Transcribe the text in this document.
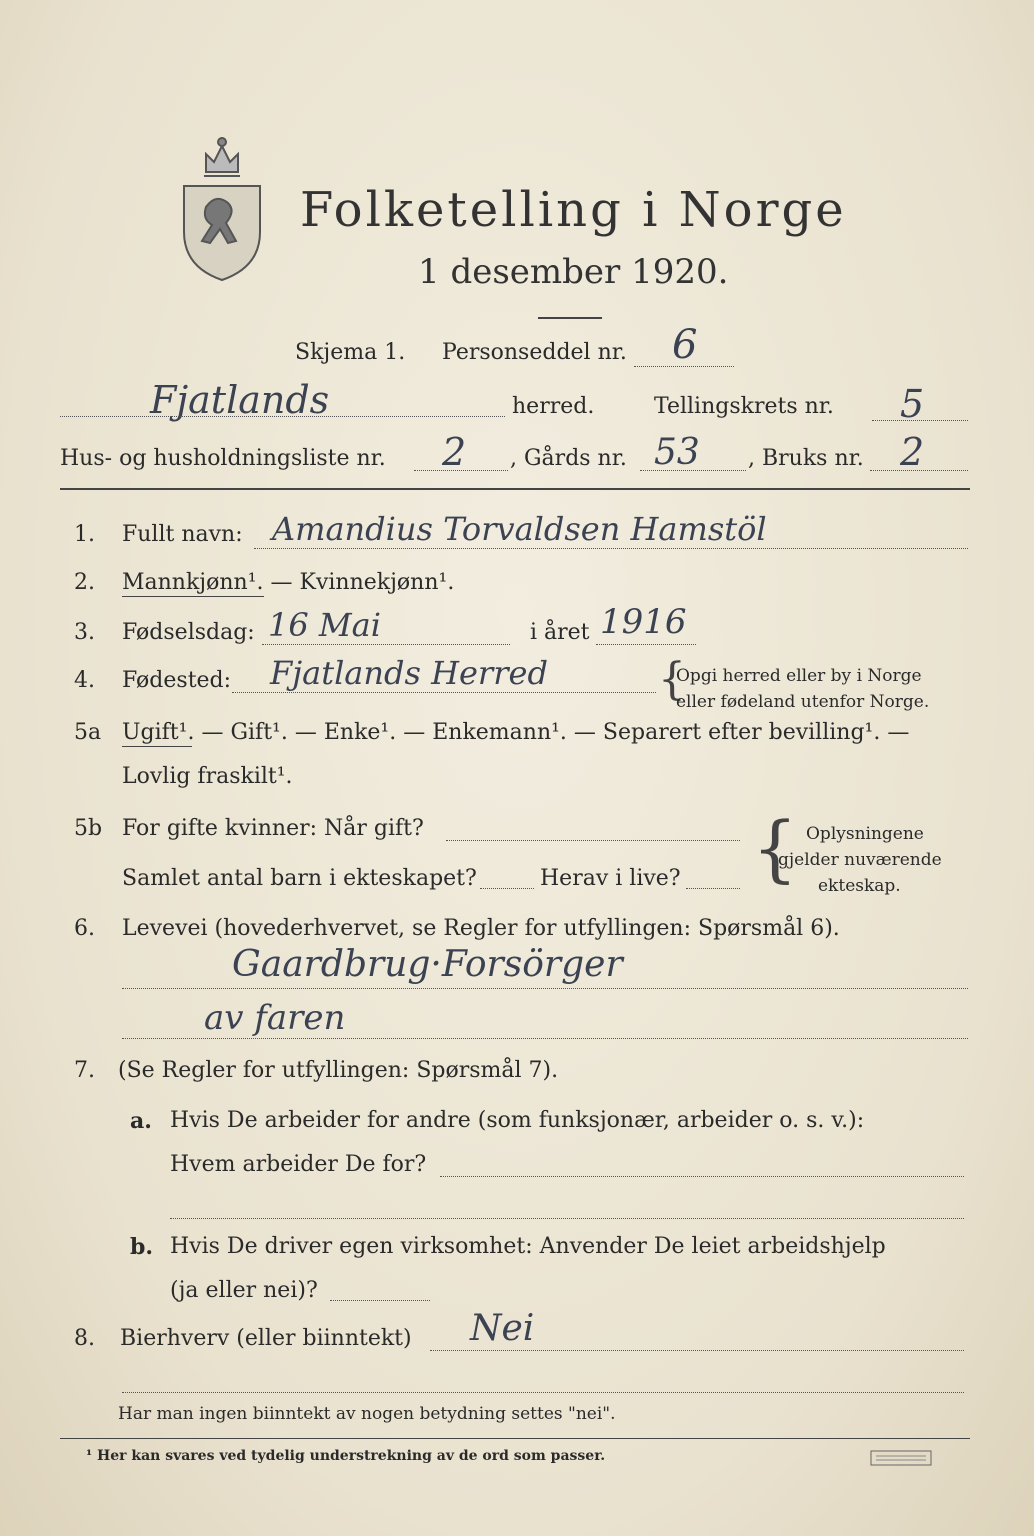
Folketelling i Norge
1 desember 1920.
Skjema 1. Personseddel nr. 6
Fjatlands	herred.	Tellingskrets nr. 5
Hus- og husholdningsliste nr. 2 , Gårds nr. 53 , Bruks nr. 2
1. Fullt navn: Amandius Torvaldsen Hamstöl
2. Mannkjønn¹. — Kvinnekjønn¹.
3. Fødselsdag: 16 Mai	i året 1916
4. Fødested: Fjatlands Herred	{
Opgi herred eller by i Norge
eller fødeland utenfor Norge.
5a Ugift¹. — Gift¹. — Enke¹. — Enkemann¹. — Separert efter bevilling¹. —
Lovlig fraskilt¹.
5b For gifte kvinner: Når gift?
Samlet antal barn i ekteskapet?	Herav i live? { Oplysningene
gjelder nuværende
ekteskap.
6. Levevei (hovederhvervet, se Regler for utfyllingen: Spørsmål 6).
Gaardbrug·Forsörger
av faren
7. (Se Regler for utfyllingen: Spørsmål 7).
a. Hvis De arbeider for andre (som funksjonær, arbeider o. s. v.):
Hvem arbeider De for?
b. Hvis De driver egen virksomhet: Anvender De leiet arbeidshjelp
(ja eller nei)?
8. Bierhverv (eller biinntekt) Nei
Har man ingen biinntekt av nogen betydning settes "nei".
¹ Her kan svares ved tydelig understrekning av de ord som passer.
